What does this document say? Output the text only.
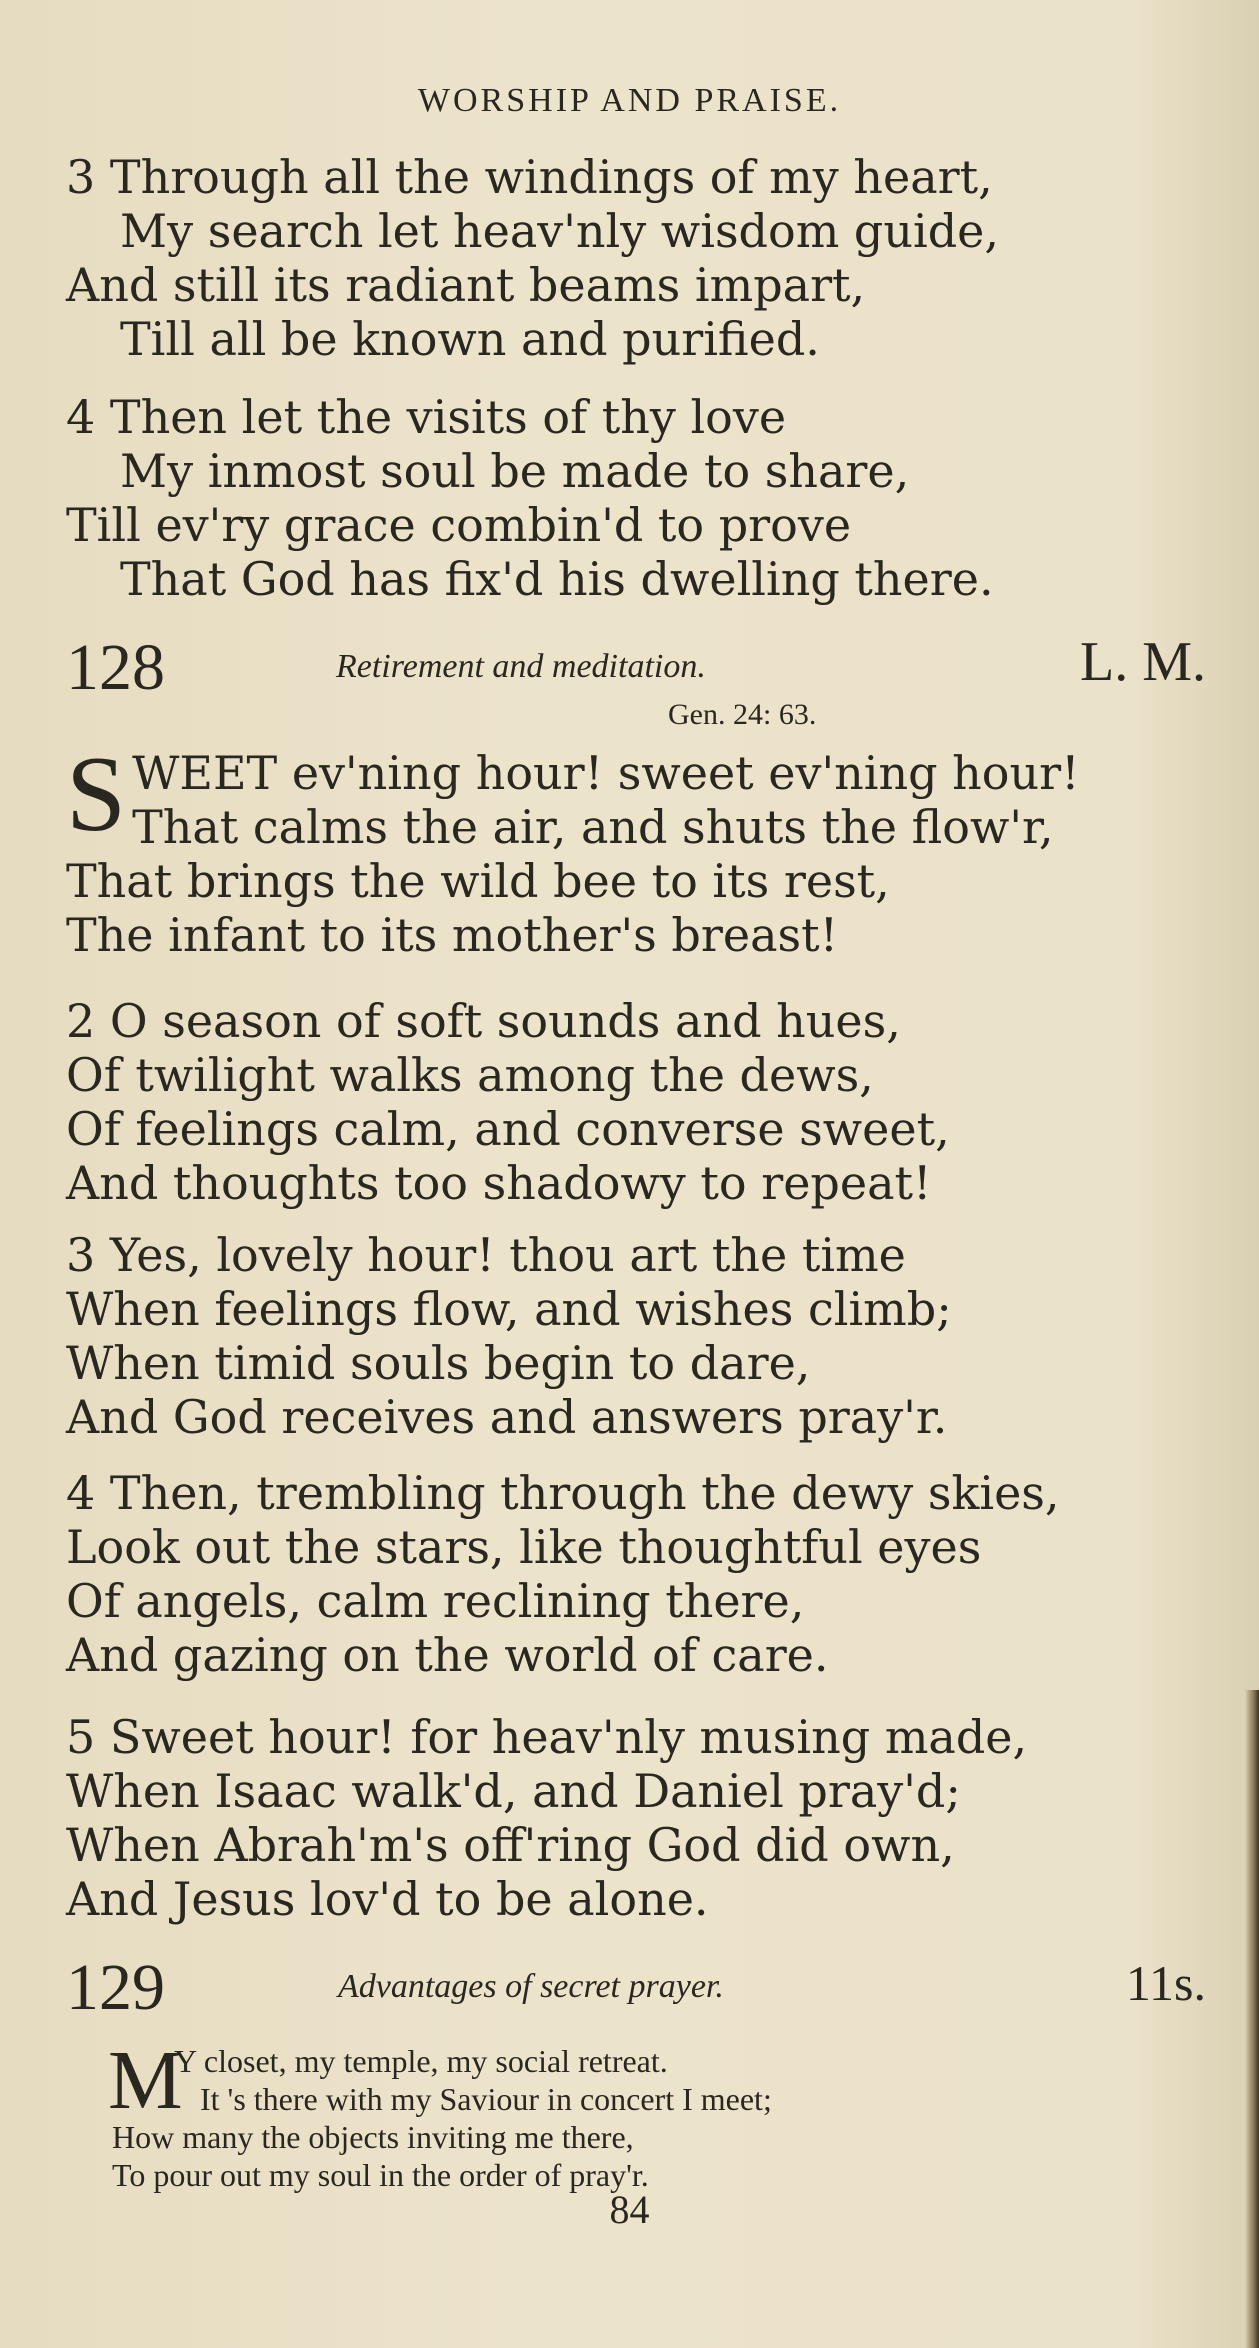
WORSHIP AND PRAISE.
3 Through all the windings of my heart,
My search let heav'nly wisdom guide,
And still its radiant beams impart,
Till all be known and purified.
4 Then let the visits of thy love
My inmost soul be made to share,
Till ev'ry grace combin'd to prove
That God has fix'd his dwelling there.
128	Retirement and meditation.	L. M.
Gen. 24: 63.
S WEET ev'ning hour! sweet ev'ning hour!
That calms the air, and shuts the flow'r,
That brings the wild bee to its rest,
The infant to its mother's breast!
2 O season of soft sounds and hues,
Of twilight walks among the dews,
Of feelings calm, and converse sweet,
And thoughts too shadowy to repeat!
3 Yes, lovely hour! thou art the time
When feelings flow, and wishes climb;
When timid souls begin to dare,
And God receives and answers pray'r.
4 Then, trembling through the dewy skies,
Look out the stars, like thoughtful eyes
Of angels, calm reclining there,
And gazing on the world of care.
5 Sweet hour! for heav'nly musing made,
When Isaac walk'd, and Daniel pray'd;
When Abrah'm's off'ring God did own,
And Jesus lov'd to be alone.
129	Advantages of secret prayer.	11s.
M
Y closet, my temple, my social retreat.
It 's there with my Saviour in concert I meet;
How many the objects inviting me there,
To pour out my soul in the order of pray'r.
84
